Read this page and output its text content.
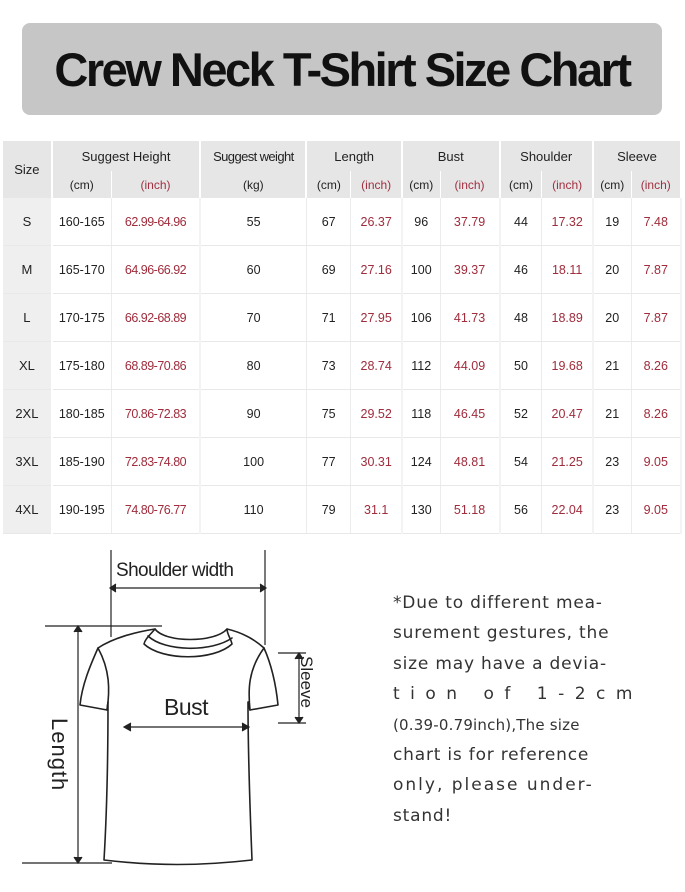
Crew Neck T-Shirt Size Chart
Size	Suggest Height		Suggest weight	Length		Bust		Shoulder		Sleeve	
	(cm)	(inch)	(kg)	(cm)	(inch)	(cm)	(inch)	(cm)	(inch)	(cm)	(inch)
S	160-165	62.99-64.96	55	67	26.37	96	37.79	44	17.32	19	7.48
M	165-170	64.96-66.92	60	69	27.16	100	39.37	46	18.11	20	7.87
L	170-175	66.92-68.89	70	71	27.95	106	41.73	48	18.89	20	7.87
XL	175-180	68.89-70.86	80	73	28.74	112	44.09	50	19.68	21	8.26
2XL	180-185	70.86-72.83	90	75	29.52	118	46.45	52	20.47	21	8.26
3XL	185-190	72.83-74.80	100	77	30.31	124	48.81	54	21.25	23	9.05
4XL	190-195	74.80-76.77	110	79	31.1	130	51.18	56	22.04	23	9.05
Shoulder width
Bust	Sleeve
Length
*Due to different mea-
surement gestures, the
size may have a devia-
tion of 1-2cm
(0.39-0.79inch),The size
chart is for reference
only, please under-
stand!
